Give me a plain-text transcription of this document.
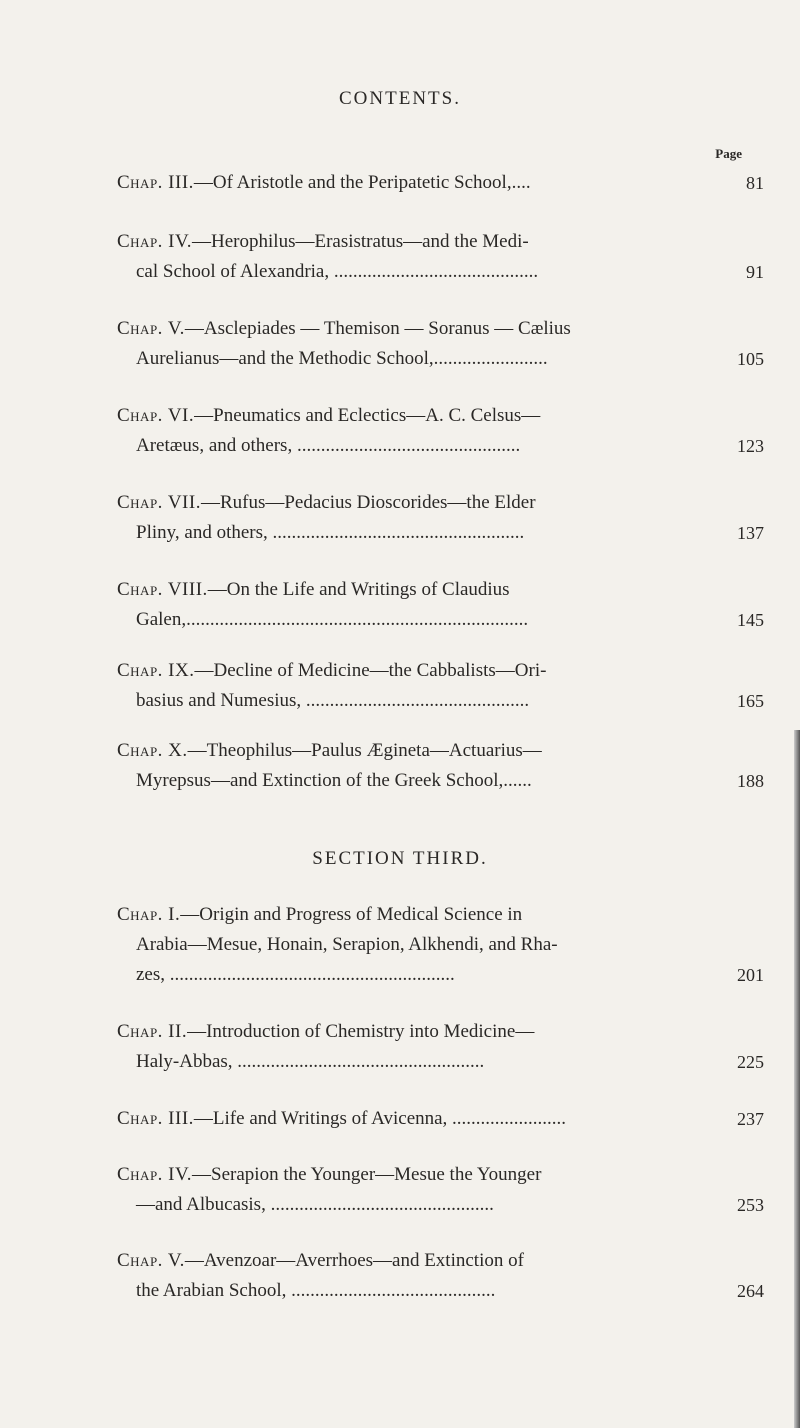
CONTENTS.
Page
Chap. III.—Of Aristotle and the Peripatetic School,....	81
Chap. IV.—Herophilus—Erasistratus—and the Medi-
cal School of Alexandria, ...........................................	91
Chap. V.—Asclepiades — Themison — Soranus — Cælius
Aurelianus—and the Methodic School,........................	105
Chap. VI.—Pneumatics and Eclectics—A. C. Celsus—
Aretæus, and others, ...............................................	123
Chap. VII.—Rufus—Pedacius Dioscorides—the Elder
Pliny, and others, .....................................................	137
Chap. VIII.—On the Life and Writings of Claudius
Galen,........................................................................	145
Chap. IX.—Decline of Medicine—the Cabbalists—Ori-
basius and Numesius, ...............................................	165
Chap. X.—Theophilus—Paulus Ægineta—Actuarius—
Myrepsus—and Extinction of the Greek School,......	188
SECTION THIRD.
Chap. I.—Origin and Progress of Medical Science in
Arabia—Mesue, Honain, Serapion, Alkhendi, and Rha-
zes, ............................................................	201
Chap. II.—Introduction of Chemistry into Medicine—
Haly-Abbas, ....................................................	225
Chap. III.—Life and Writings of Avicenna, ........................	237
Chap. IV.—Serapion the Younger—Mesue the Younger
—and Albucasis, ...............................................	253
Chap. V.—Avenzoar—Averrhoes—and Extinction of
the Arabian School, ...........................................	264
